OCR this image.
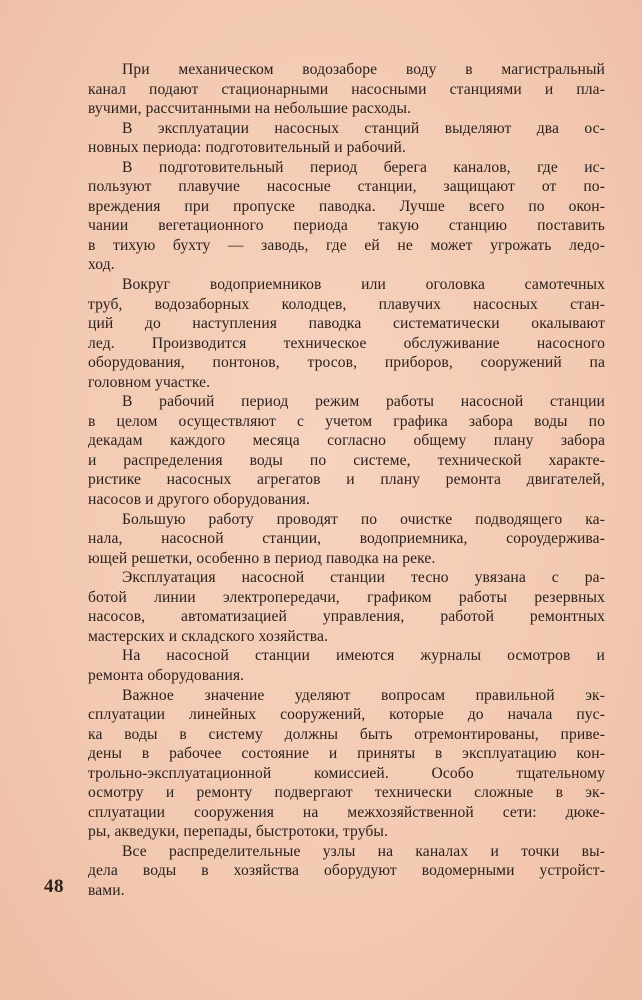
При механическом водозаборе воду в магистральный
канал подают стационарными насосными станциями и пла-
вучими, рассчитанными на небольшие расходы.

В эксплуатации насосных станций выделяют два ос-
новных периода: подготовительный и рабочий.

В подготовительный период берега каналов, где ис-
пользуют плавучие насосные станции, защищают от по-
вреждения при пропуске паводка. Лучше всего по окон-
чании вегетационного периода такую станцию поставить
в тихую бухту — заводь, где ей не может угрожать ледо-
ход.

Вокруг водоприемников или оголовка самотечных
труб, водозаборных колодцев, плавучих насосных стан-
ций до наступления паводка систематически окалывают
лед. Производится техническое обслуживание насосного
оборудования, понтонов, тросов, приборов, сооружений па
головном участке.

В рабочий период режим работы насосной станции
в целом осуществляют с учетом графика забора воды по
декадам каждого месяца согласно общему плану забора
и распределения воды по системе, технической характе-
ристике насосных агрегатов и плану ремонта двигателей,
насосов и другого оборудования.

Большую работу проводят по очистке подводящего ка-
нала, насосной станции, водоприемника, сороудержива-
ющей решетки, особенно в период паводка на реке.

Эксплуатация насосной станции тесно увязана с ра-
ботой линии электропередачи, графиком работы резервных
насосов, автоматизацией управления, работой ремонтных
мастерских и складского хозяйства.

На насосной станции имеются журналы осмотров и
ремонта оборудования.

Важное значение уделяют вопросам правильной эк-
сплуатации линейных сооружений, которые до начала пус-
ка воды в систему должны быть отремонтированы, приве-
дены в рабочее состояние и приняты в эксплуатацию кон-
трольно-эксплуатационной комиссией. Особо тщательному
осмотру и ремонту подвергают технически сложные в эк-
сплуатации сооружения на межхозяйственной сети: дюке-
ры, акведуки, перепады, быстротоки, трубы.

Все распределительные узлы на каналах и точки вы-
дела воды в хозяйства оборудуют водомерными устройст-
вами.

48
